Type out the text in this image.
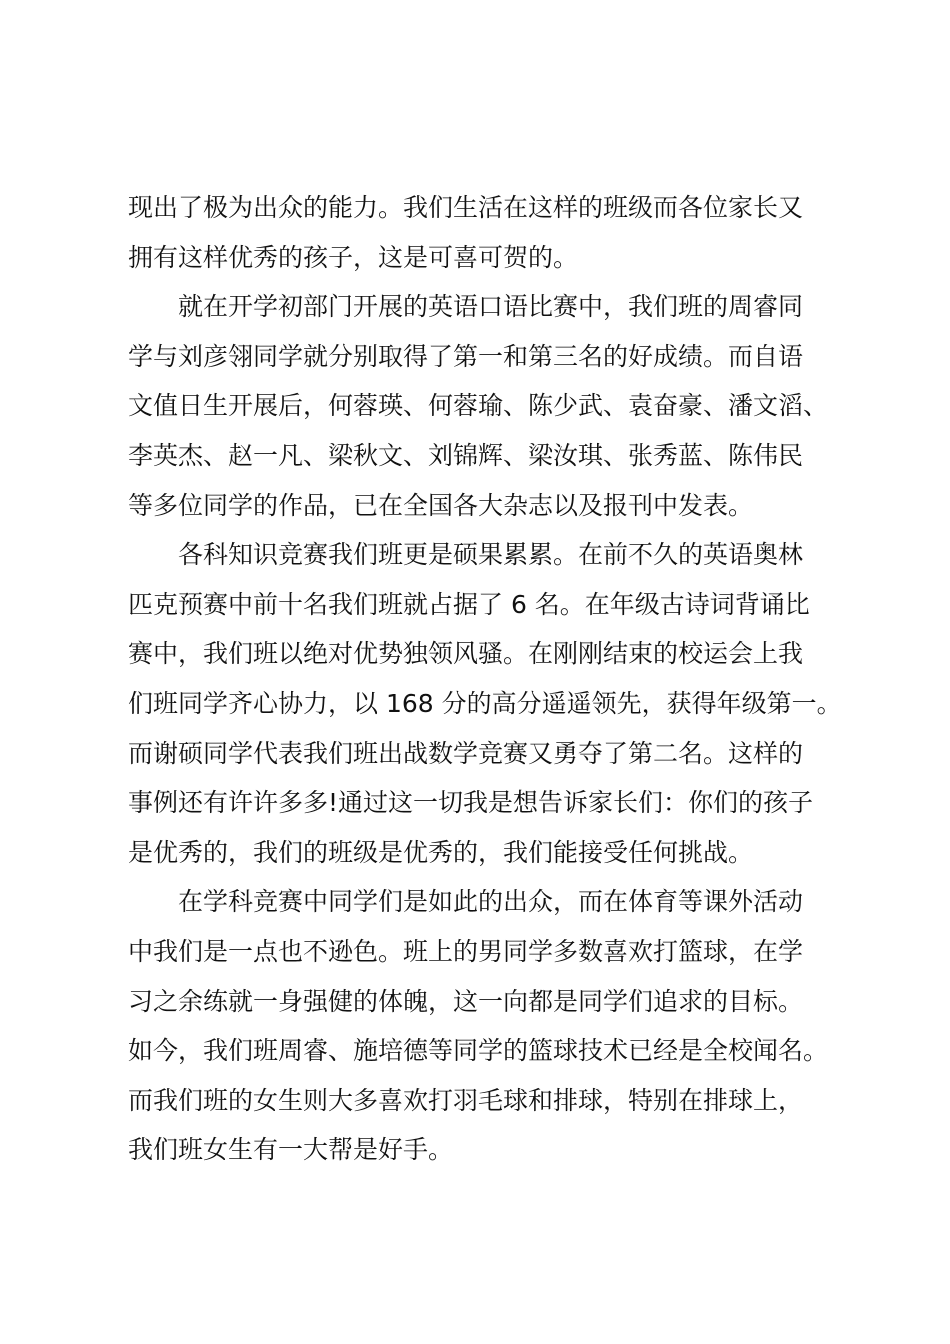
现出了极为出众的能力。我们生活在这样的班级而各位家长又
拥有这样优秀的孩子，这是可喜可贺的。
就在开学初部门开展的英语口语比赛中，我们班的周睿同
学与刘彦翎同学就分别取得了第一和第三名的好成绩。而自语
文值日生开展后，何蓉瑛、何蓉瑜、陈少武、袁奋豪、潘文滔、
李英杰、赵一凡、梁秋文、刘锦辉、梁汝琪、张秀蓝、陈伟民
等多位同学的作品，已在全国各大杂志以及报刊中发表。
各科知识竞赛我们班更是硕果累累。在前不久的英语奥林
匹克预赛中前十名我们班就占据了 6 名。在年级古诗词背诵比
赛中，我们班以绝对优势独领风骚。在刚刚结束的校运会上我
们班同学齐心协力，以 168 分的高分遥遥领先，获得年级第一。
而谢硕同学代表我们班出战数学竞赛又勇夺了第二名。这样的
事例还有许许多多!通过这一切我是想告诉家长们：你们的孩子
是优秀的，我们的班级是优秀的，我们能接受任何挑战。
在学科竞赛中同学们是如此的出众，而在体育等课外活动
中我们是一点也不逊色。班上的男同学多数喜欢打篮球，在学
习之余练就一身强健的体魄，这一向都是同学们追求的目标。
如今，我们班周睿、施培德等同学的篮球技术已经是全校闻名。
而我们班的女生则大多喜欢打羽毛球和排球，特别在排球上，
我们班女生有一大帮是好手。
